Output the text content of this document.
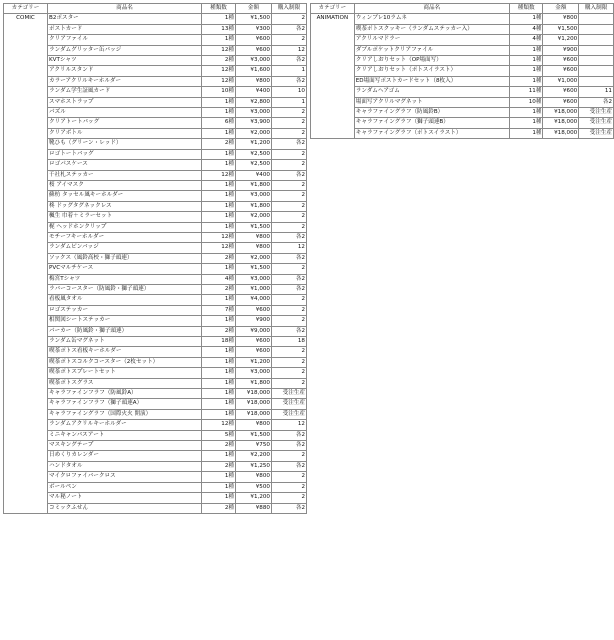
カテゴリー	商品名	種類数	金額	購入制限
COMIC	B2ポスター	1種	¥1,500	2
	ポストカード	13種	¥300	各2
	クリアファイル	1種	¥600	2
	ランダムグリッター缶バッジ	12種	¥600	12
	KVTシャツ	2種	¥3,000	各2
	アクリルスタンド	12種	¥1,600	1
	カラーアクリルキーホルダー	12種	¥800	各2
	ランダム学生証風カード	10種	¥400	10
	スマホストラップ	1種	¥2,800	1
	パズル	1種	¥3,000	2
	クリアトートバッグ	6種	¥3,900	2
	クリアボトル	1種	¥2,000	2
	靴ひも（グリーン・レッド）	2種	¥1,200	各2
	ロゴトートバッグ	1種	¥2,500	2
	ロゴパスケース	1種	¥2,500	2
	千社札ステッカー	12種	¥400	各2
	桜 アイマスク	1種	¥1,800	2
	蘇枋 タッセル風キーホルダー	1種	¥3,000	2
	柊 ドッグタグネックレス	1種	¥1,800	2
	楓生 巾着＋ミラーセット	1種	¥2,000	2
	梶 ヘッドホンクリップ	1種	¥1,500	2
	モチーフキーホルダー	12種	¥800	各2
	ランダムピンバッジ	12種	¥800	12
	ソックス（風鈴高校・獅子頭連）	2種	¥2,000	各2
	PVCマルチケース	1種	¥1,500	2
	梅宮Tシャツ	4種	¥3,000	各2
	ラバーコースター（防風鈴・獅子頭連）	2種	¥1,000	各2
	看板風タオル	1種	¥4,000	2
	ロゴステッカー	7種	¥600	2
	相関図シートステッカー	1種	¥900	2
	パーカー（防風鈴・獅子頭連）	2種	¥9,000	各2
	ランダム缶マグネット	18種	¥600	18
	喫茶ポトス看板キーホルダー	1種	¥600	2
	喫茶ポトスコルクコースター（2枚セット）	1種	¥1,200	2
	喫茶ポトスプレートセット	1種	¥3,000	2
	喫茶ポトスグラス	1種	¥1,800	2
	キャラファインフラフ（防風鈴A）	1種	¥18,000	受注生産
	キャラファインフラフ（獅子頭連A）	1種	¥18,000	受注生産
	キャラファイングラフ（国際火火 開演）	1種	¥18,000	受注生産
	ランダムアクリルキーホルダー	12種	¥800	12
	ミニキャンバスアート	5種	¥1,500	各2
	マスキングテープ	2種	¥750	各2
	日めくりカレンダー	1種	¥2,200	2
	ハンドタオル	2種	¥1,250	各2
	マイクロファイバークロス	1種	¥800	2
	ボールペン	1種	¥500	2
	マル秘ノート	1種	¥1,200	2
	コミックふせん	2種	¥880	各2
カテゴリー	商品名	種類数	金額	購入制限
ANIMATION	ウィンブレ10ラムネ	1種	¥800	
	喫茶ポトスクッキー（ランダムステッカー入）	4種	¥1,500	
	アクリルマドラー	4種	¥1,200	
	ダブルポケットクリアファイル	1種	¥900	
	クリアしおりセット（OP場面写）	1種	¥600	
	クリアしおりセット（ポトスイラスト）	1種	¥600	
	ED場面写ポストカードセット（8枚入）	1種	¥1,000	
	ランダムヘアゴム	11種	¥600	11
	場面写アクリルマグネット	10種	¥600	各2
	キャラファイングラフ（防風鈴B）	1種	¥18,000	受注生産
	キャラファイングラフ（獅子頭連B）	1種	¥18,000	受注生産
	キャラファイングラフ（ポトスイラスト）	1種	¥18,000	受注生産
